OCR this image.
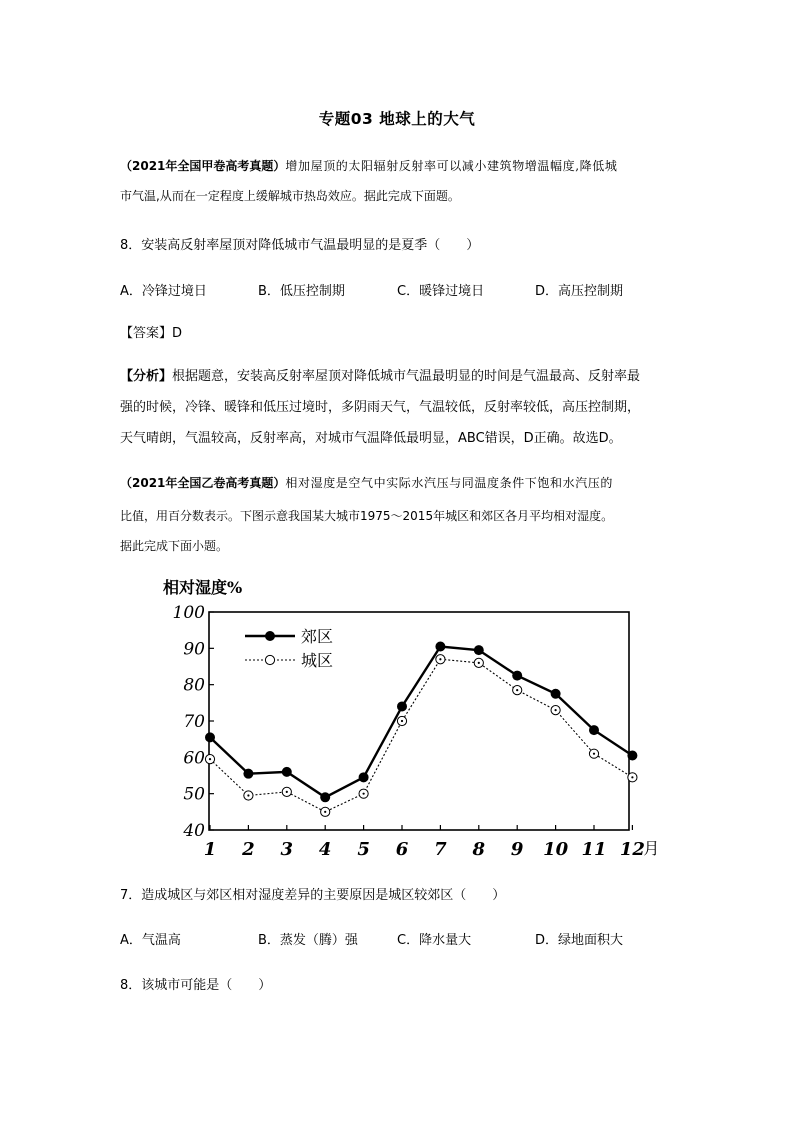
专题03 地球上的大气
（2021年全国甲卷高考真题）增加屋顶的太阳辐射反射率可以减小建筑物增温幅度,降低城
市气温,从而在一定程度上缓解城市热岛效应。据此完成下面题。
8．安装高反射率屋顶对降低城市气温最明显的是夏季（　　）
A．冷锋过境日	B．低压控制期	C．暖锋过境日	D．高压控制期
【答案】D
【分析】根据题意，安装高反射率屋顶对降低城市气温最明显的时间是气温最高、反射率最
强的时候，冷锋、暖锋和低压过境时，多阴雨天气，气温较低，反射率较低，高压控制期，
天气晴朗，气温较高，反射率高，对城市气温降低最明显，ABC错误，D正确。故选D。
（2021年全国乙卷高考真题）相对湿度是空气中实际水汽压与同温度条件下饱和水汽压的
比值，用百分数表示。下图示意我国某大城市1975～2015年城区和郊区各月平均相对湿度。
据此完成下面小题。
相对湿度%
40
50
60
70
80
90
100
1 2 3 4 5 6 7 8 9 10 11 12
月
郊区
城区
7．造成城区与郊区相对湿度差异的主要原因是城区较郊区（　　）
A．气温高	B．蒸发（腾）强	C．降水量大	D．绿地面积大
8．该城市可能是（　　）
